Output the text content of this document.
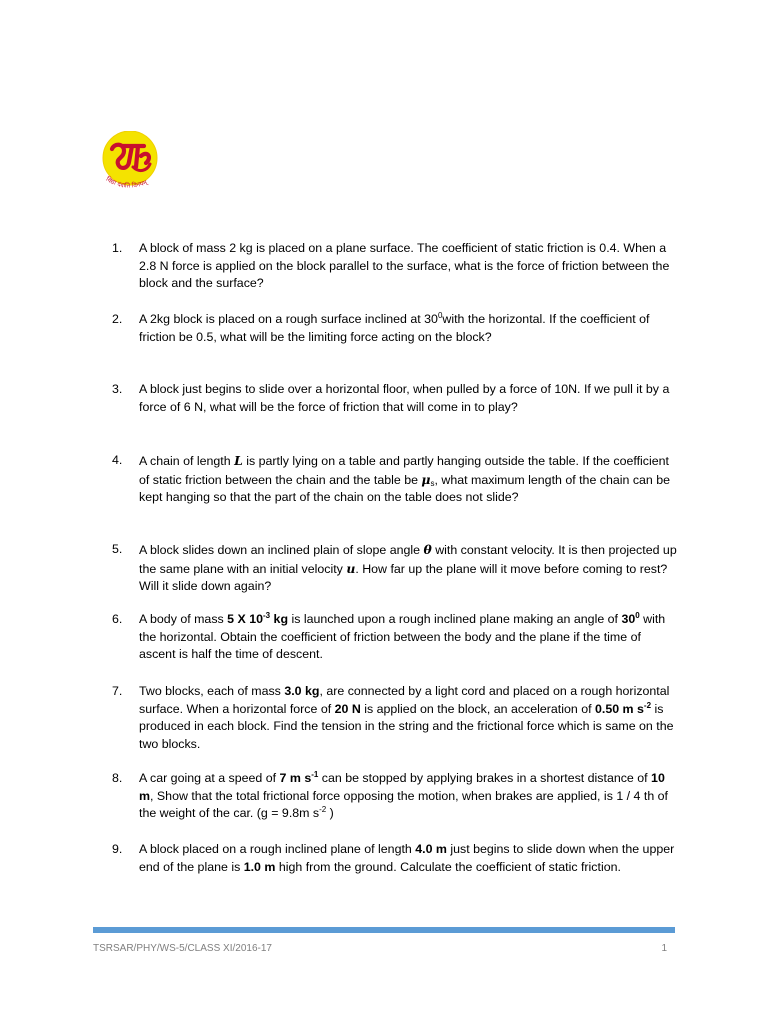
विद्या ददाति विनयम्
1.	A block of mass 2 kg is placed on a plane surface. The coefficient of static friction is 0.4. When a 2.8 N force is applied on the block parallel to the surface, what is the force of friction between the block and the surface?
2.	A 2kg block is placed on a rough surface inclined at $30^0with$ the horizontal. If the coefficient of friction be 0.5, what will be the limiting force acting on the block?
3.	A block just begins to slide over a horizontal floor, when pulled by a force of 10N. If we pull it by a force of 6 N, what will be the force of friction that will come in to play?
4.	A chain of length L is partly lying on a table and partly hanging outside the table. If the coefficient of static friction between the chain and the table be $\mu_s$, what maximum length of the chain can be kept hanging so that the part of the chain on the table does not slide?
5.	A block slides down an inclined plain of slope angle θ with constant velocity. It is then projected up the same plane with an initial velocity u. How far up the plane will it move before coming to rest? Will it slide down again?
6.	A body of mass 5 X $10^{-3}$ kg is launched upon a rough inclined plane making an angle of $30^0$ with the horizontal. Obtain the coefficient of friction between the body and the plane if the time of ascent is half the time of descent.
7.	Two blocks, each of mass 3.0 kg, are connected by a light cord and placed on a rough horizontal surface. When a horizontal force of 20 N is applied on the block, an acceleration of 0.50 m $s^{-2}$ is produced in each block. Find the tension in the string and the frictional force which is same on the two blocks.
8.	A car going at a speed of 7 m $s^{-1}$ can be stopped by applying brakes in a shortest distance of 10 m, Show that the total frictional force opposing the motion, when brakes are applied, is 1 / 4 th of the weight of the car. (g = 9.8m $s^{-2}$ )
9.	A block placed on a rough inclined plane of length 4.0 m just begins to slide down when the upper end of the plane is 1.0 m high from the ground. Calculate the coefficient of static friction.
TSRSAR/PHY/WS-5/CLASS XI/2016-17	1
